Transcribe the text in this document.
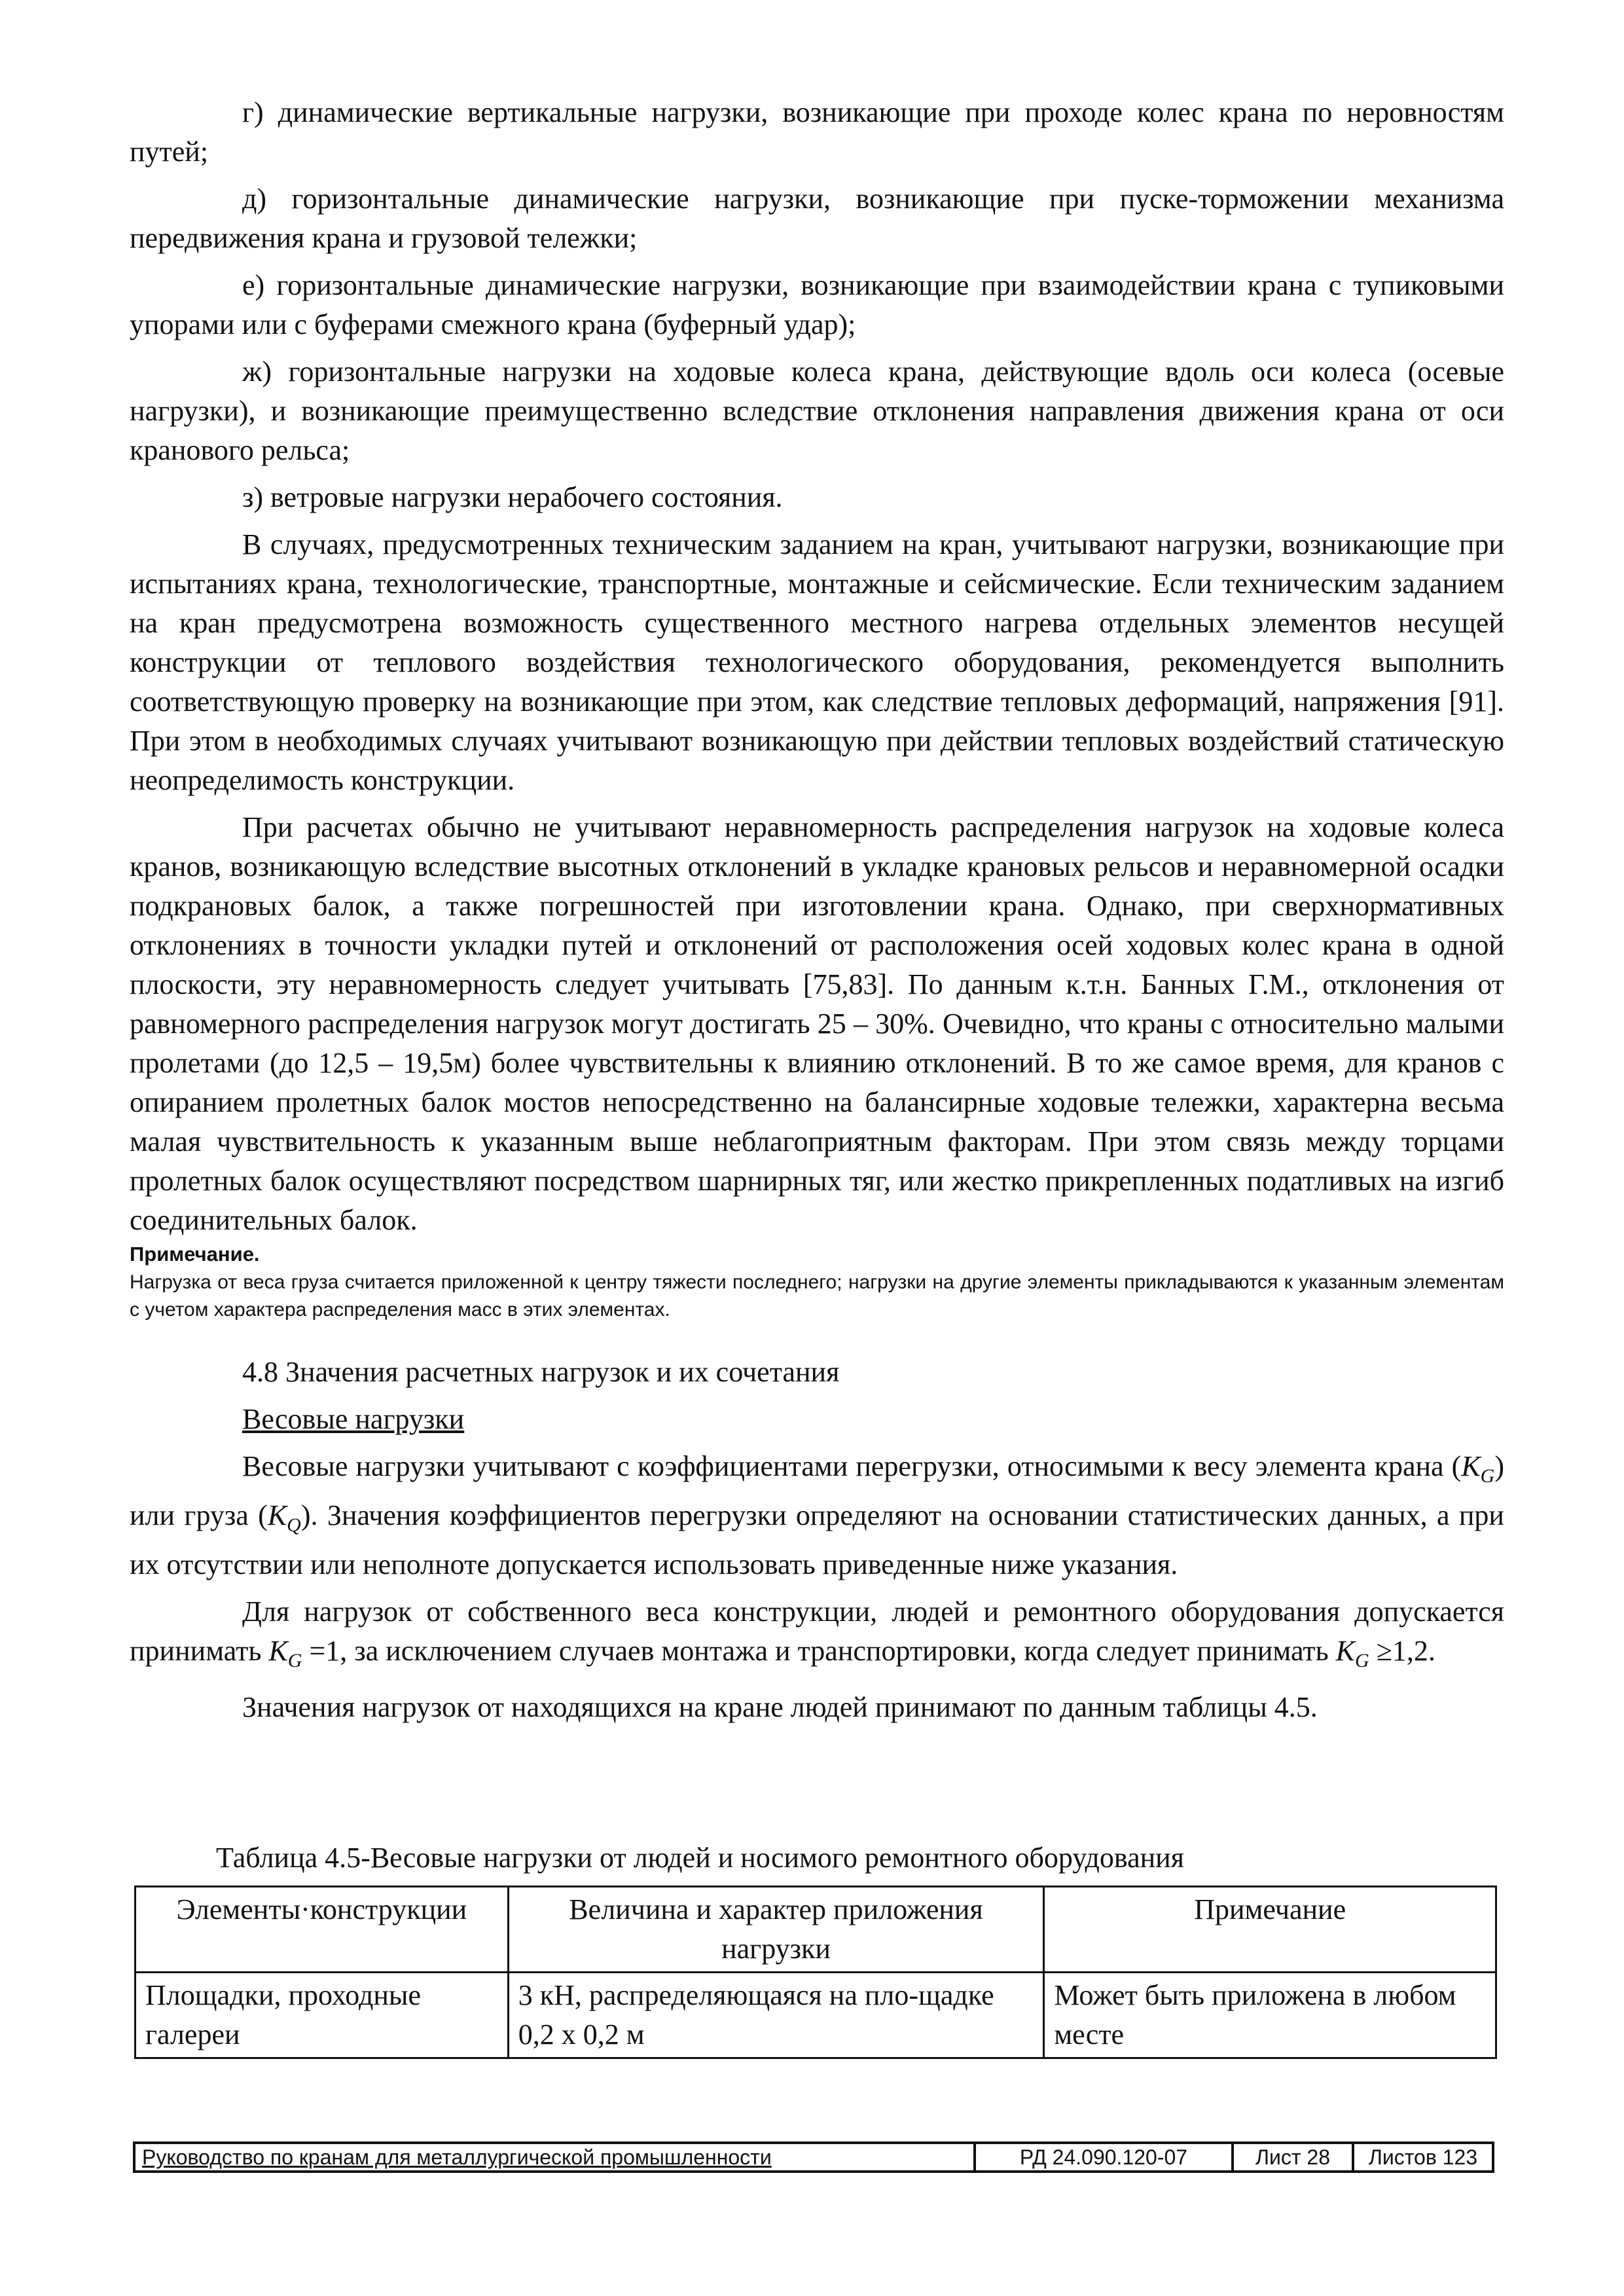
г) динамические вертикальные нагрузки, возникающие при проходе колес крана по неровностям путей;

д) горизонтальные динамические нагрузки, возникающие при пуске-торможении механизма передвижения крана и грузовой тележки;

е) горизонтальные динамические нагрузки, возникающие при взаимодействии крана с тупиковыми упорами или с буферами смежного крана (буферный удар);

ж) горизонтальные нагрузки на ходовые колеса крана, действующие вдоль оси колеса (осевые нагрузки), и возникающие преимущественно вследствие отклонения направления движения крана от оси кранового рельса;

з) ветровые нагрузки нерабочего состояния.

В случаях, предусмотренных техническим заданием на кран, учитывают нагрузки, возникающие при испытаниях крана, технологические, транспортные, монтажные и сейсмические. Если техническим заданием на кран предусмотрена возможность существенного местного нагрева отдельных элементов несущей конструкции от теплового воздействия технологического оборудования, рекомендуется выполнить соответствующую проверку на возникающие при этом, как следствие тепловых деформаций, напряжения [91]. При этом в необходимых случаях учитывают возникающую при действии тепловых воздействий статическую неопределимость конструкции.

При расчетах обычно не учитывают неравномерность распределения нагрузок на ходовые колеса кранов, возникающую вследствие высотных отклонений в укладке крановых рельсов и неравномерной осадки подкрановых балок, а также погрешностей при изготовлении крана. Однако, при сверхнормативных отклонениях в точности укладки путей и отклонений от расположения осей ходовых колес крана в одной плоскости, эту неравномерность следует учитывать [75,83]. По данным к.т.н. Банных Г.М., отклонения от равномерного распределения нагрузок могут достигать 25 – 30%. Очевидно, что краны с относительно малыми пролетами (до 12,5 – 19,5м) более чувствительны к влиянию отклонений. В то же самое время, для кранов с опиранием пролетных балок мостов непосредственно на балансирные ходовые тележки, характерна весьма малая чувствительность к указанным выше неблагоприятным факторам. При этом связь между торцами пролетных балок осуществляют посредством шарнирных тяг, или жестко прикрепленных податливых на изгиб соединительных балок.

Примечание.

Нагрузка от веса груза считается приложенной к центру тяжести последнего; нагрузки на другие элементы прикладываются к указанным элементам с учетом характера распределения масс в этих элементах.

4.8 Значения расчетных нагрузок и их сочетания

Весовые нагрузки

Весовые нагрузки учитывают с коэффициентами перегрузки, относимыми к весу элемента крана $(K_G)$ или груза $(K_Q)$. Значения коэффициентов перегрузки определяют на основании статистических данных, а при их отсутствии или неполноте допускается использовать приведенные ниже указания.

Для нагрузок от собственного веса конструкции, людей и ремонтного оборудования допускается принимать $K_G =1$, за исключением случаев монтажа и транспортировки, когда следует принимать $K_G \ge 1,2$.

Значения нагрузок от находящихся на кране людей принимают по данным таблицы 4.5.

Таблица 4.5-Весовые нагрузки от людей и носимого ремонтного оборудования
Элементы·конструкции	Величина и характер приложения нагрузки	Примечание
Площадки, проходные галереи	3 кН, распределяющаяся на пло-щадке 0,2 х 0,2 м	Может быть приложена в любом месте
Руководство по кранам для металлургической промышленности	РД 24.090.120-07	Лист 28	Листов 123
